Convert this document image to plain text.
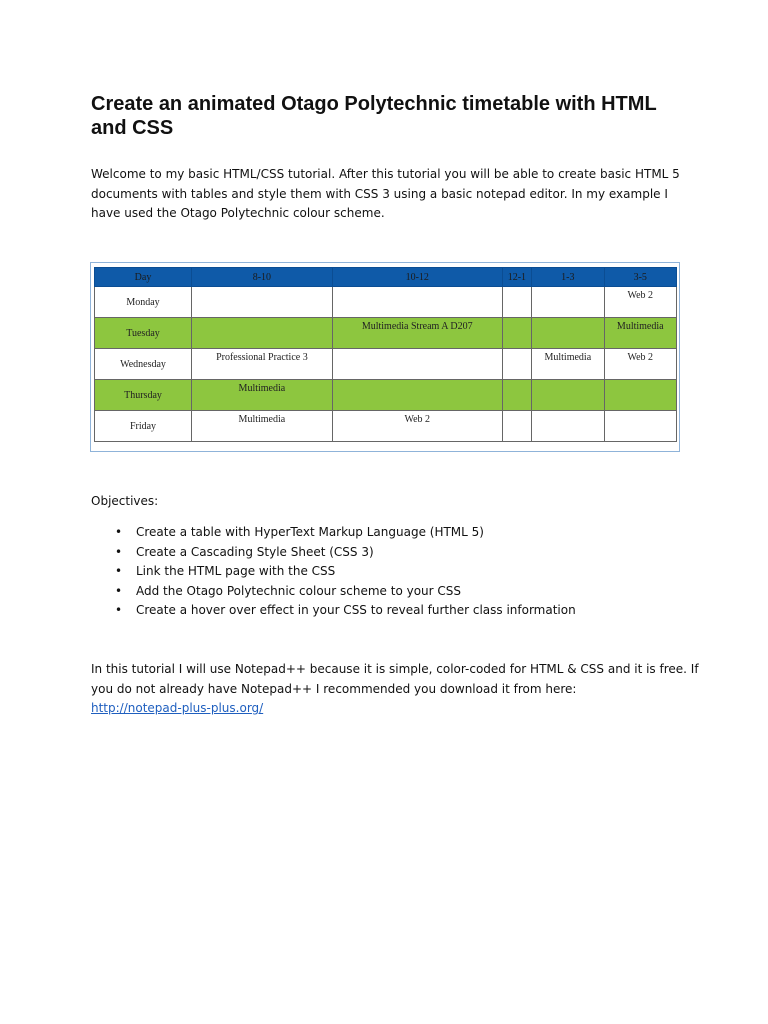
Create an animated Otago Polytechnic timetable with HTML and CSS

Welcome to my basic HTML/CSS tutorial. After this tutorial you will be able to create basic HTML 5 documents with tables and style them with CSS 3 using a basic notepad editor. In my example I have used the Otago Polytechnic colour scheme.

Day	8-10	10-12	12-1	1-3	3-5
Monday					Web 2

Tuesday		Multimedia Stream A D207			Multimedia

Wednesday	Professional Practice 3			Multimedia	Web 2

Thursday	Multimedia				

Friday	Multimedia	Web 2			

Objectives:

• Create a table with HyperText Markup Language (HTML 5)
• Create a Cascading Style Sheet (CSS 3)
• Link the HTML page with the CSS
• Add the Otago Polytechnic colour scheme to your CSS
• Create a hover over effect in your CSS to reveal further class information

In this tutorial I will use Notepad++ because it is simple, color-coded for HTML & CSS and it is free. If you do not already have Notepad++ I recommended you download it from here:
http://notepad-plus-plus.org/
